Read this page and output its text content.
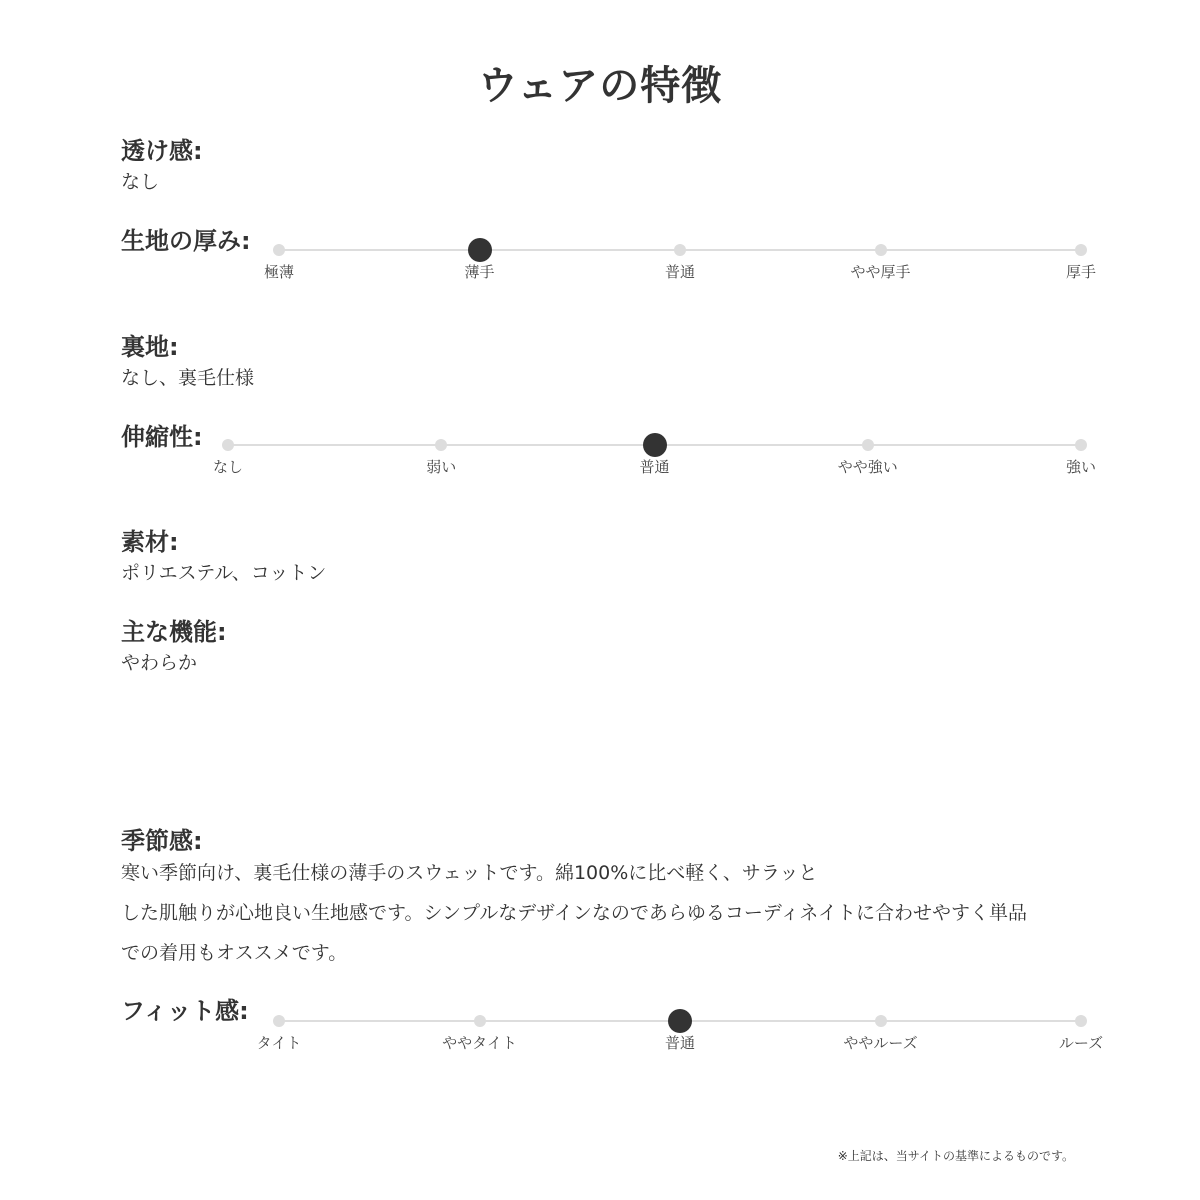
ウェアの特徴
透け感:
なし
生地の厚み:
極薄	薄手	普通	やや厚手	厚手
裏地:
なし、裏毛仕様
伸縮性:
なし	弱い	普通	やや強い	強い
素材:
ポリエステル、コットン
主な機能:
やわらか
季節感:
寒い季節向け、裏毛仕様の薄手のスウェットです。綿100%に比べ軽く、サラッと
した肌触りが心地良い生地感です。シンプルなデザインなのであらゆるコーディネイトに合わせやすく単品
での着用もオススメです。
フィット感:
タイト	ややタイト	普通	ややルーズ	ルーズ
※上記は、当サイトの基準によるものです。
